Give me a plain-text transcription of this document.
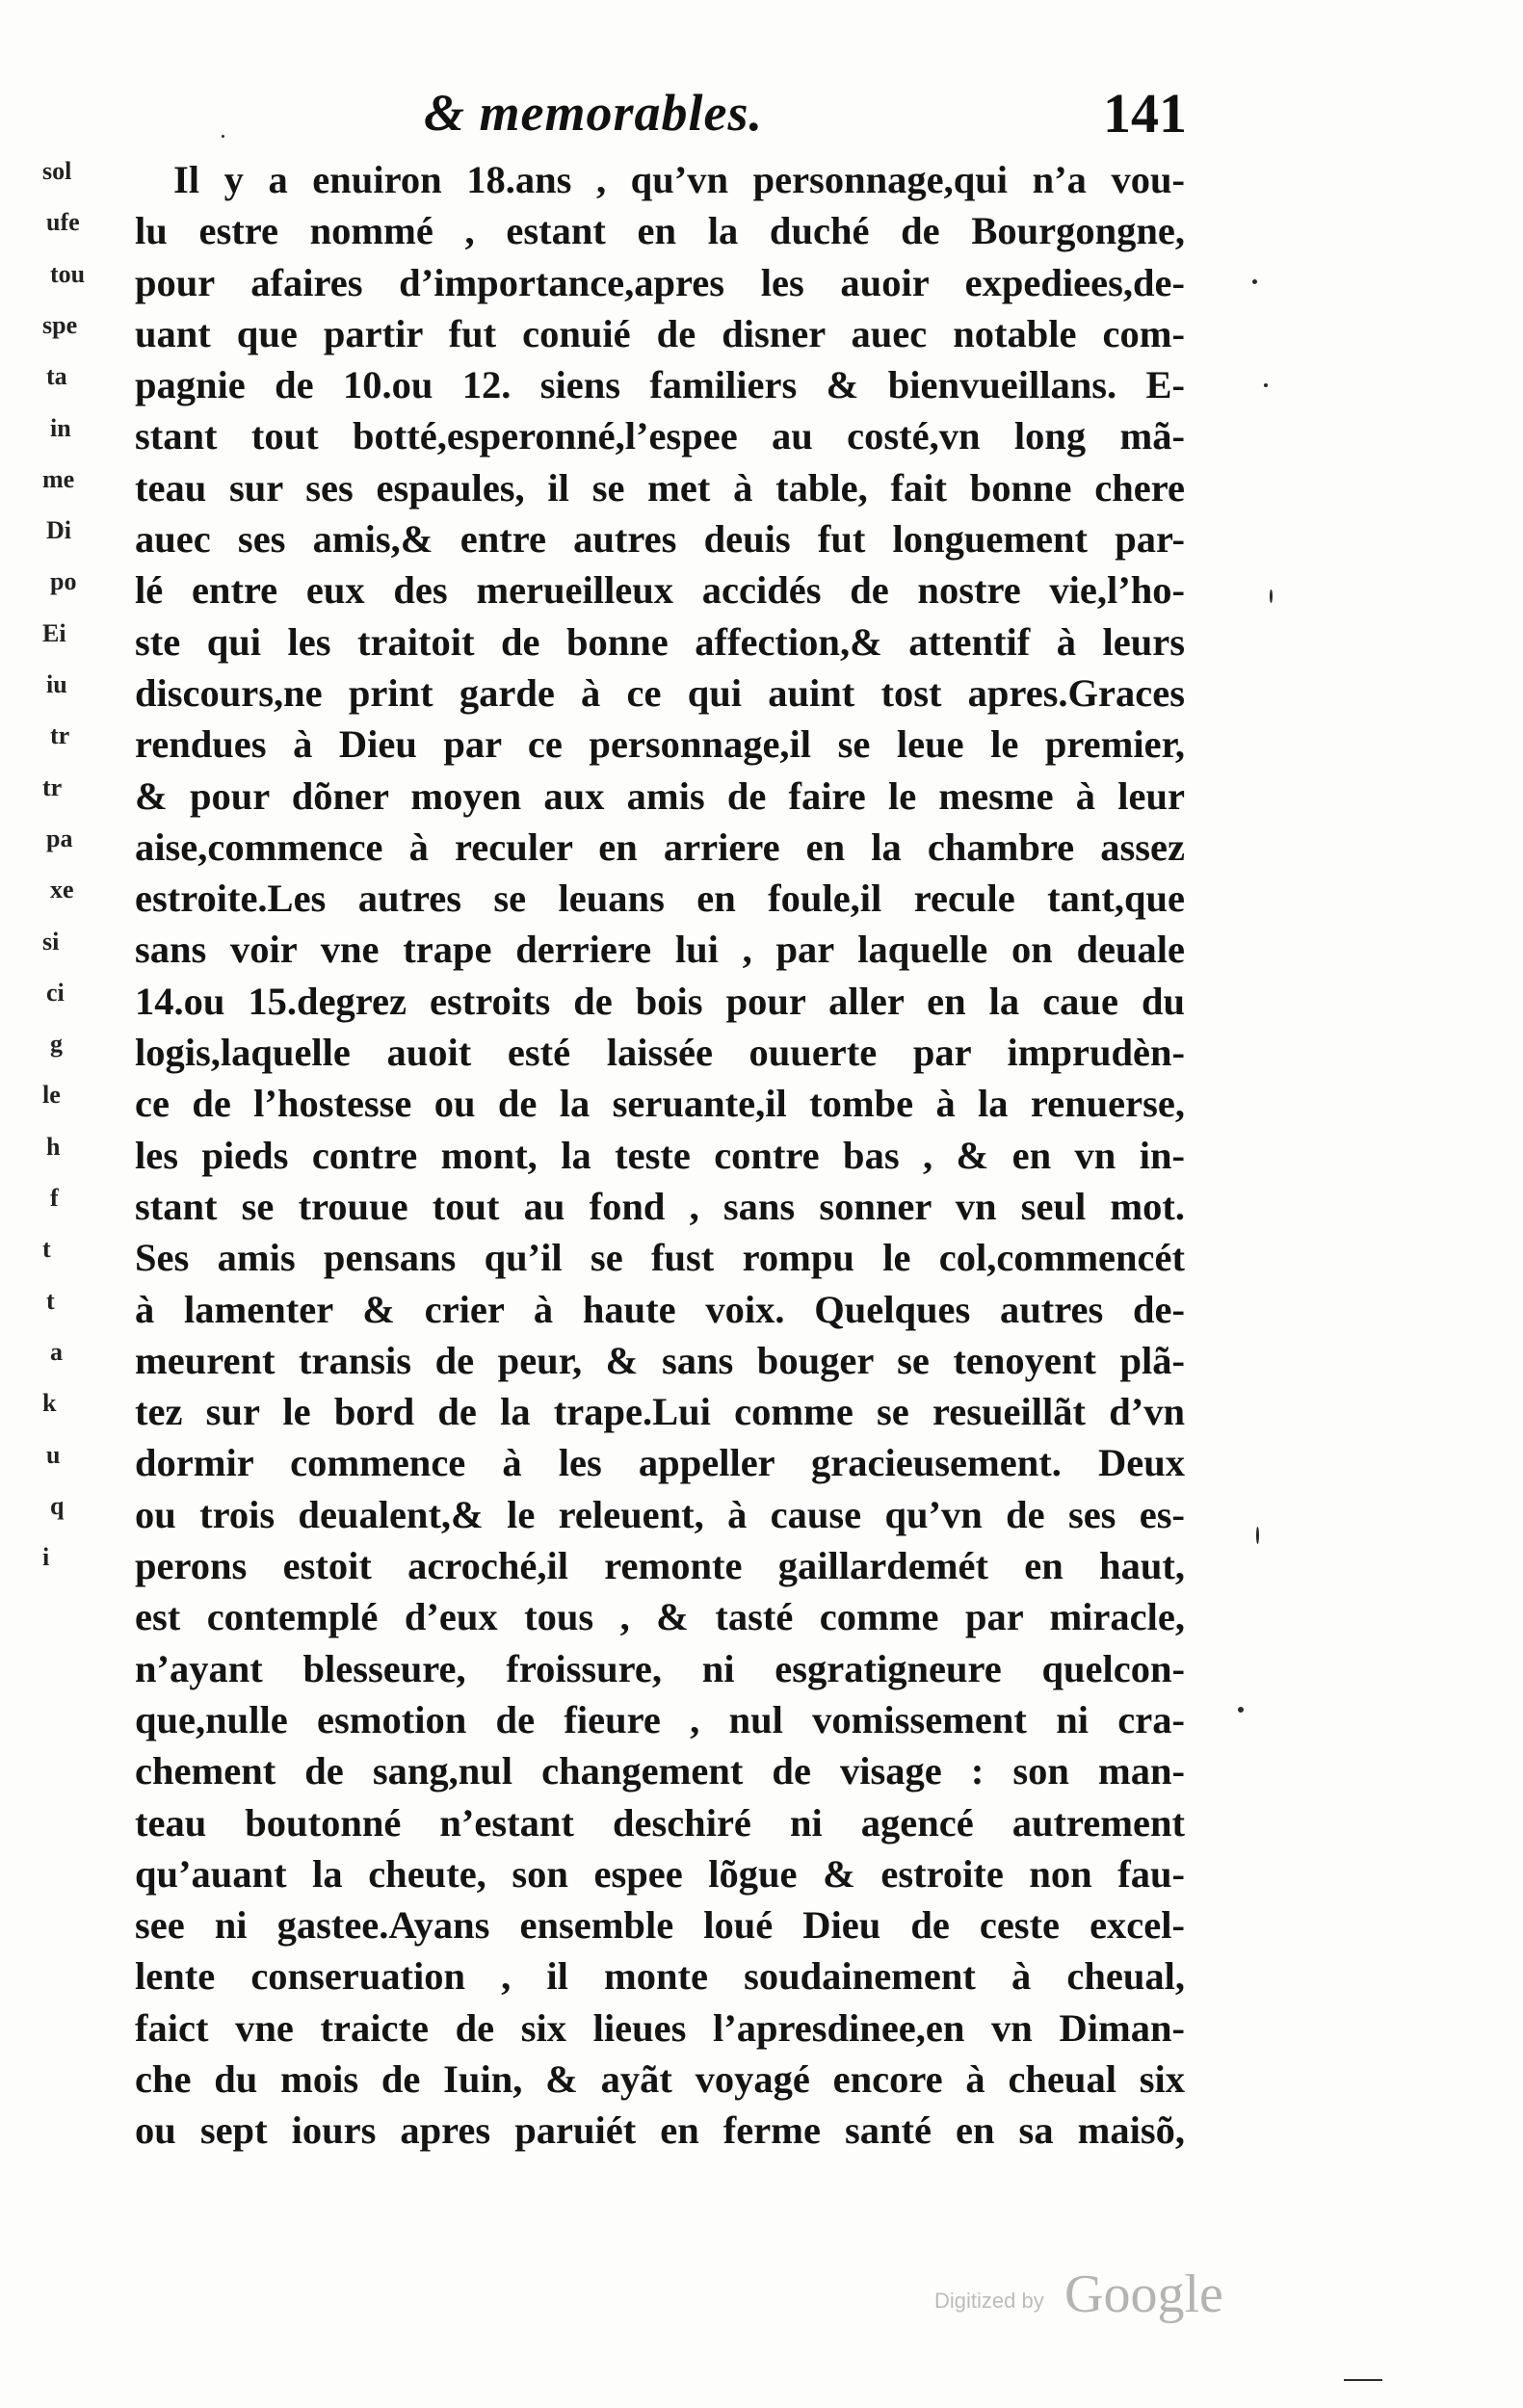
& memorables.	141
sol
ufe
tou
spe
ta
in
me
Di
po
Ei
iu
tr
tr
pa
xe
si
ci
g
le
h
f
t
t
a
k
u
q
i
Il y a enuiron 18.ans , qu’vn personnage,qui n’a vou-
lu estre nommé , estant en la duché de Bourgongne,
pour afaires d’importance,apres les auoir expediees,de-
uant que partir fut conuié de disner auec notable com-
pagnie de 10.ou 12. siens familiers & bienvueillans. E-
stant tout botté,esperonné,l’espee au costé,vn long mã-
teau sur ses espaules, il se met à table, fait bonne chere
auec ses amis,& entre autres deuis fut longuement par-
lé entre eux des merueilleux accidés de nostre vie,l’ho-
ste qui les traitoit de bonne affection,& attentif à leurs
discours,ne print garde à ce qui auint tost apres.Graces
rendues à Dieu par ce personnage,il se leue le premier,
& pour dõner moyen aux amis de faire le mesme à leur
aise,commence à reculer en arriere en la chambre assez
estroite.Les autres se leuans en foule,il recule tant,que
sans voir vne trape derriere lui , par laquelle on deuale
14.ou 15.degrez estroits de bois pour aller en la caue du
logis,laquelle auoit esté laissée ouuerte par imprudèn-
ce de l’hostesse ou de la seruante,il tombe à la renuerse,
les pieds contre mont, la teste contre bas , & en vn in-
stant se trouue tout au fond , sans sonner vn seul mot.
Ses amis pensans qu’il se fust rompu le col,commencét
à lamenter & crier à haute voix. Quelques autres de-
meurent transis de peur, & sans bouger se tenoyent plã-
tez sur le bord de la trape.Lui comme se resueillãt d’vn
dormir commence à les appeller gracieusement. Deux
ou trois deualent,& le releuent, à cause qu’vn de ses es-
perons estoit acroché,il remonte gaillardemét en haut,
est contemplé d’eux tous , & tasté comme par miracle,
n’ayant blesseure, froissure, ni esgratigneure quelcon-
que,nulle esmotion de fieure , nul vomissement ni cra-
chement de sang,nul changement de visage : son man-
teau boutonné n’estant deschiré ni agencé autrement
qu’auant la cheute, son espee lõgue & estroite non fau-
see ni gastee.Ayans ensemble loué Dieu de ceste excel-
lente conseruation , il monte soudainement à cheual,
faict vne traicte de six lieues l’apresdinee,en vn Diman-
che du mois de Iuin, & ayãt voyagé encore à cheual six
ou sept iours apres paruiét en ferme santé en sa maisõ,
Digitized by Google
